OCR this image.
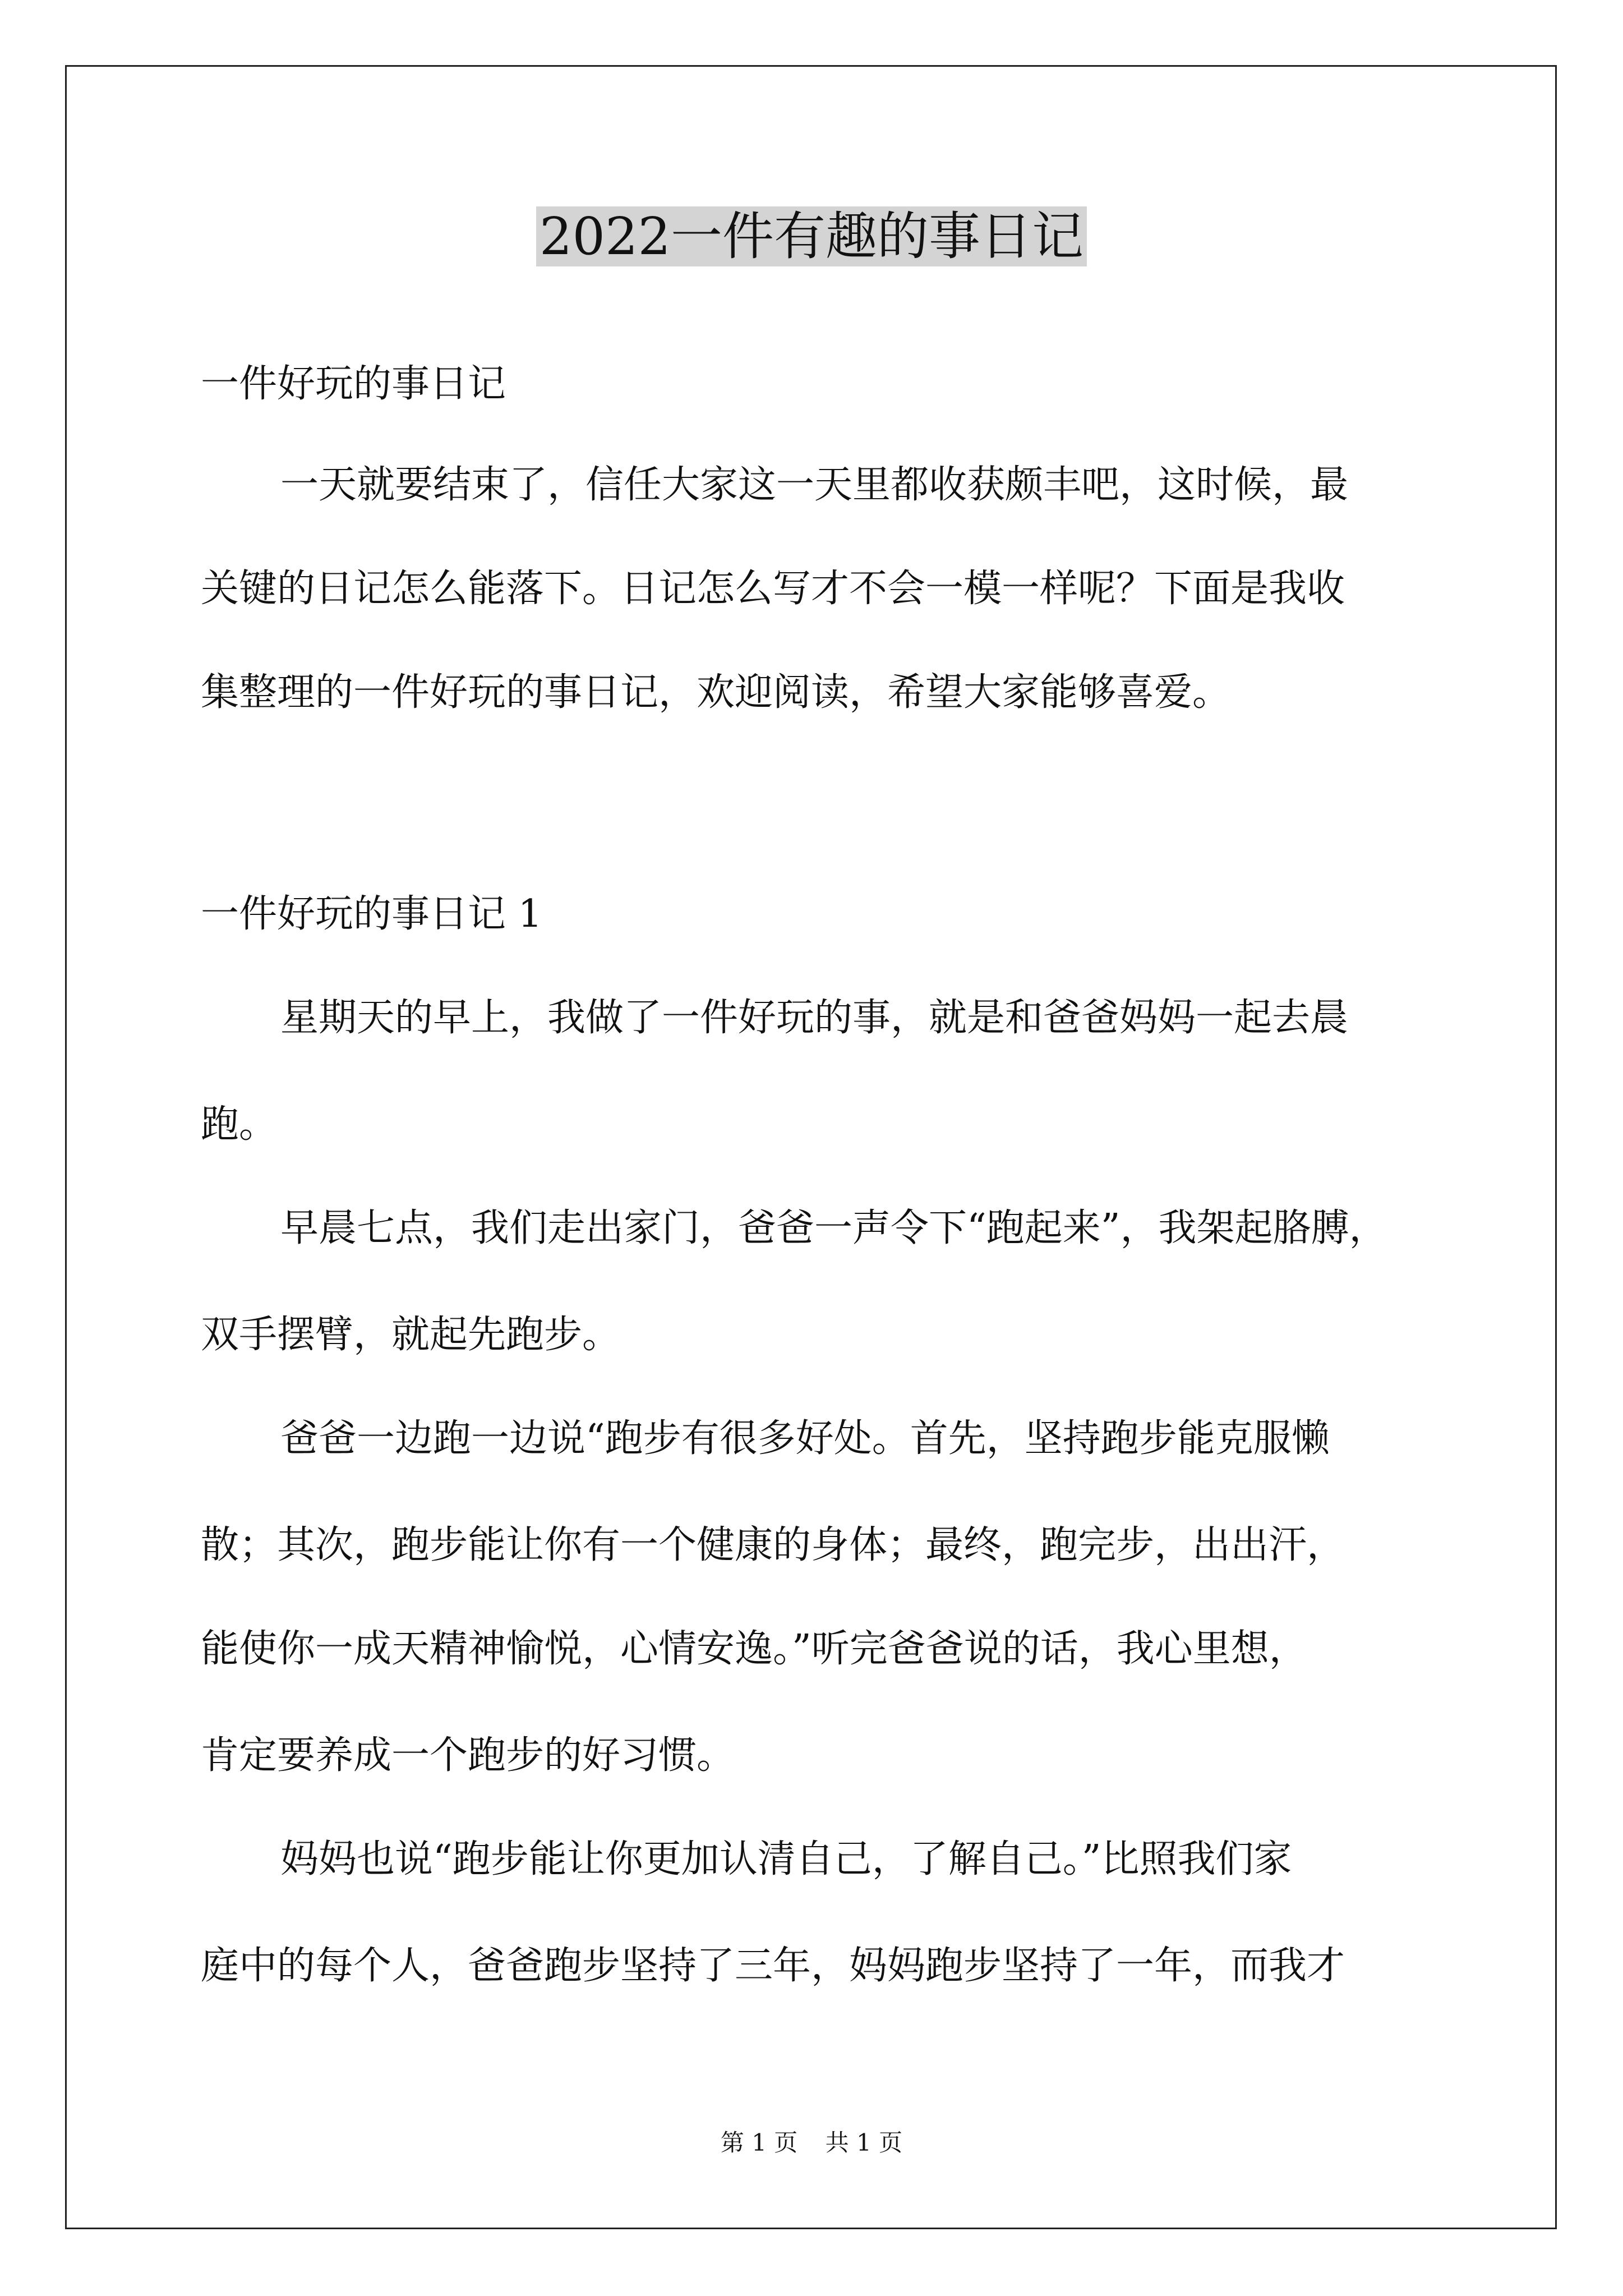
2022一件有趣的事日记
一件好玩的事日记
一天就要结束了，信任大家这一天里都收获颇丰吧，这时候，最
关键的日记怎么能落下。日记怎么写才不会一模一样呢？下面是我收
集整理的一件好玩的事日记，欢迎阅读，希望大家能够喜爱。
一件好玩的事日记 1
星期天的早上，我做了一件好玩的事，就是和爸爸妈妈一起去晨
跑。
早晨七点，我们走出家门，爸爸一声令下“跑起来”，我架起胳膊，
双手摆臂，就起先跑步。
爸爸一边跑一边说“跑步有很多好处。首先，坚持跑步能克服懒
散；其次，跑步能让你有一个健康的身体；最终，跑完步，出出汗，
能使你一成天精神愉悦，心情安逸。”听完爸爸说的话，我心里想，
肯定要养成一个跑步的好习惯。
妈妈也说“跑步能让你更加认清自己，了解自己。”比照我们家
庭中的每个人，爸爸跑步坚持了三年，妈妈跑步坚持了一年，而我才
第 1 页 共 1 页
